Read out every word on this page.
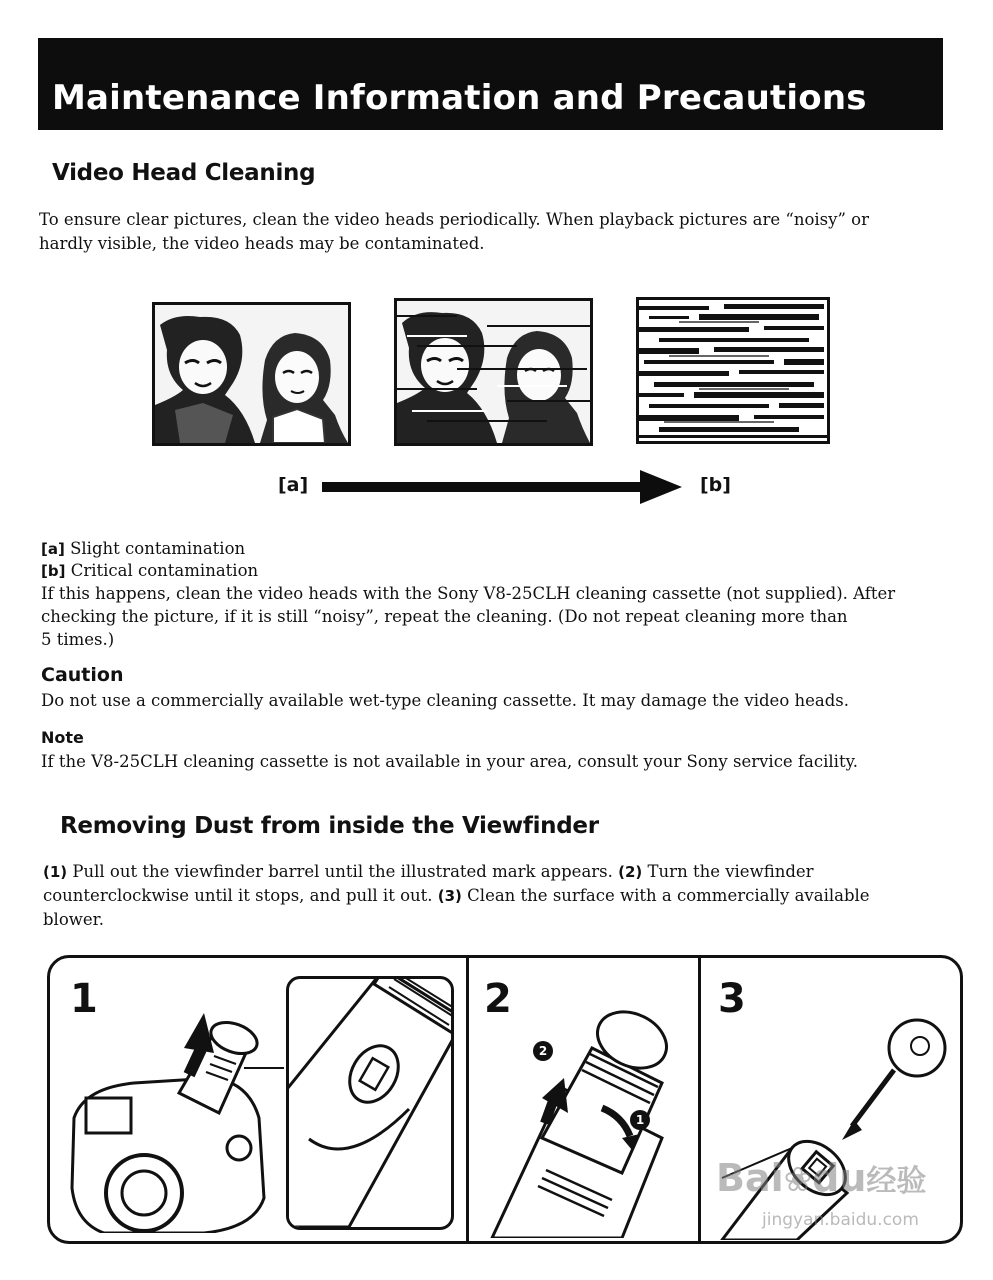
Maintenance Information and Precautions
Video Head Cleaning
To ensure clear pictures, clean the video heads periodically. When playback pictures are “noisy” or
hardly visible, the video heads may be contaminated.
[a]	[b]
[a] Slight contamination
[b] Critical contamination
If this happens, clean the video heads with the Sony V8-25CLH cleaning cassette (not supplied). After
checking the picture, if it is still “noisy”, repeat the cleaning. (Do not repeat cleaning more than
5 times.)
Caution
Do not use a commercially available wet-type cleaning cassette. It may damage the video heads.
Note
If the V8-25CLH cleaning cassette is not available in your area, consult your Sony service facility.
Removing Dust from inside the Viewfinder
(1) Pull out the viewfinder barrel until the illustrated mark appears. (2) Turn the viewfinder
counterclockwise until it stops, and pull it out. (3) Clean the surface with a commercially available
blower.
1	2
2
1
3
Bai❀du经验
jingyan.baidu.com
